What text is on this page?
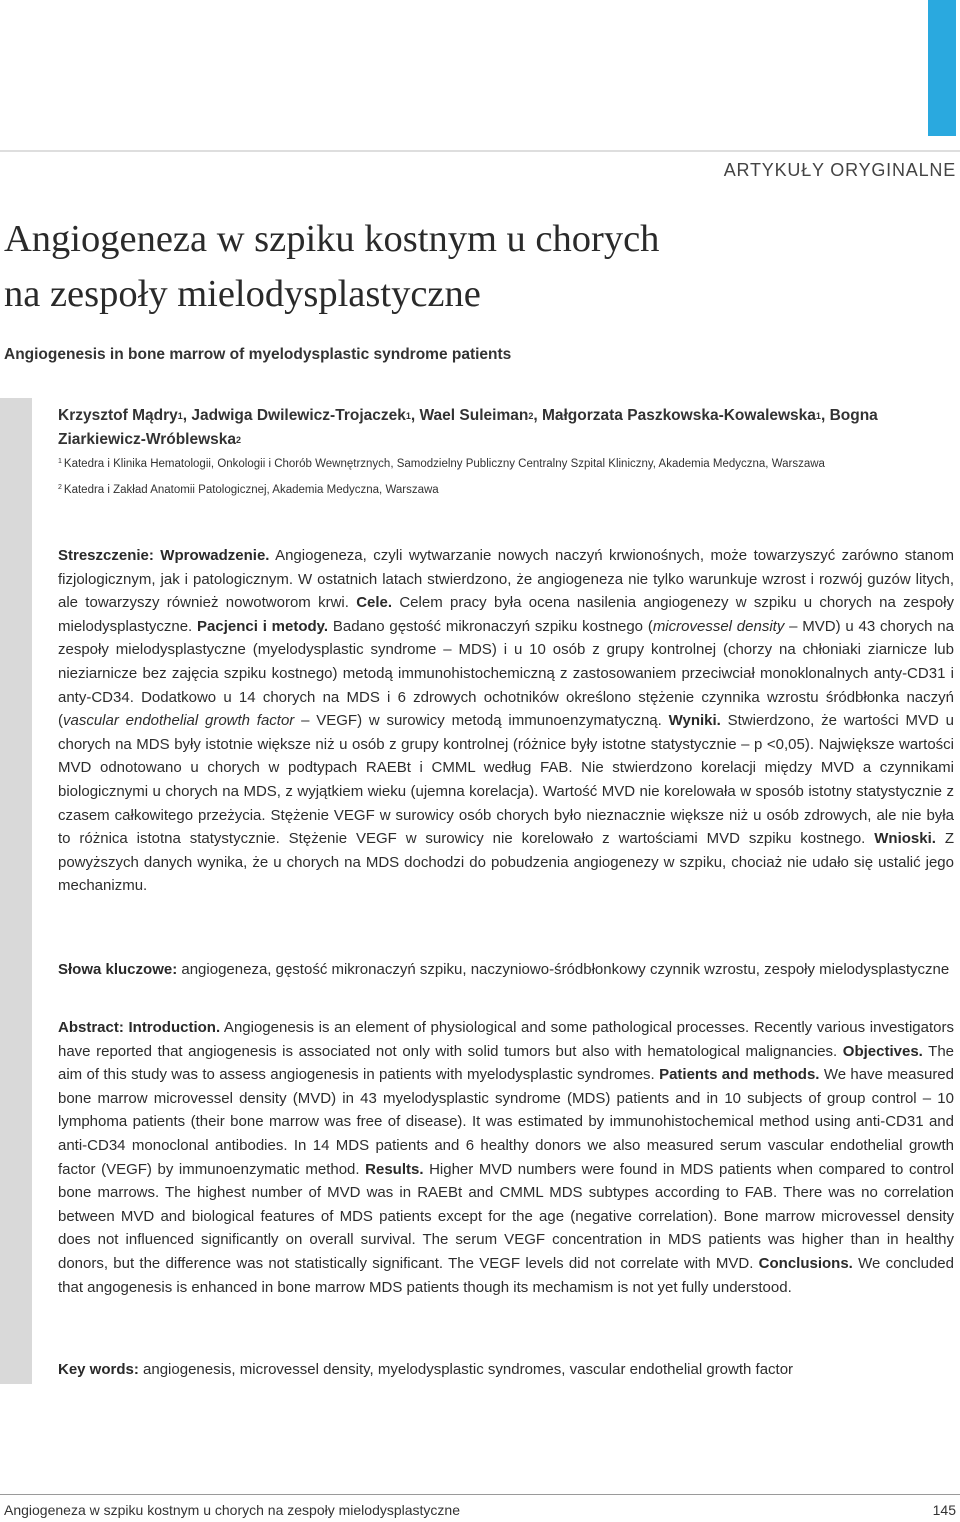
ARTYKUŁY ORYGINALNE
Angiogeneza w szpiku kostnym u chorych
na zespoły mielodysplastyczne
Angiogenesis in bone marrow of myelodysplastic syndrome patients

Krzysztof Mądry$^1$, Jadwiga Dwilewicz-Trojaczek$^1$, Wael Suleiman$^2$, Małgorzata Paszkowska-Kowalewska$^1$, Bogna Ziarkiewicz-Wróblewska$^2$

$^1$ Katedra i Klinika Hematologii, Onkologii i Chorób Wewnętrznych, Samodzielny Publiczny Centralny Szpital Kliniczny, Akademia Medyczna, Warszawa

$^2$ Katedra i Zakład Anatomii Patologicznej, Akademia Medyczna, Warszawa

Streszczenie: Wprowadzenie. Angiogeneza, czyli wytwarzanie nowych naczyń krwionośnych, może towarzyszyć zarówno stanom fizjologicznym, jak i patologicznym. W ostatnich latach stwierdzono, że angiogeneza nie tylko warunkuje wzrost i rozwój guzów litych, ale towarzyszy również nowotworom krwi. Cele. Celem pracy była ocena nasilenia angiogenezy w szpiku u chorych na zespoły mielodysplastyczne. Pacjenci i metody. Badano gęstość mikronaczyń szpiku kostnego (microvessel density – MVD) u 43 chorych na zespoły mielodysplastyczne (myelodysplastic syndrome – MDS) i u 10 osób z grupy kontrolnej (chorzy na chłoniaki ziarnicze lub nieziarnicze bez zajęcia szpiku kostnego) metodą immunohistochemiczną z zastosowaniem przeciwciał monoklonalnych anty-CD31 i anty-CD34. Dodatkowo u 14 chorych na MDS i 6 zdrowych ochotników określono stężenie czynnika wzrostu śródbłonka naczyń (vascular endothelial growth factor – VEGF) w surowicy metodą immunoenzymatyczną. Wyniki. Stwierdzono, że wartości MVD u chorych na MDS były istotnie większe niż u osób z grupy kontrolnej (różnice były istotne statystycznie – p <0,05). Największe wartości MVD odnotowano u chorych w podtypach RAEBt i CMML według FAB. Nie stwierdzono korelacji między MVD a czynnikami biologicznymi u chorych na MDS, z wyjątkiem wieku (ujemna korelacja). Wartość MVD nie korelowała w sposób istotny statystycznie z czasem całkowitego przeżycia. Stężenie VEGF w surowicy osób chorych było nieznacznie większe niż u osób zdrowych, ale nie była to różnica istotna statystycznie. Stężenie VEGF w surowicy nie korelowało z wartościami MVD szpiku kostnego. Wnioski. Z powyższych danych wynika, że u chorych na MDS dochodzi do pobudzenia angiogenezy w szpiku, chociaż nie udało się ustalić jego mechanizmu.

Słowa kluczowe: angiogeneza, gęstość mikronaczyń szpiku, naczyniowo-śródbłonkowy czynnik wzrostu, zespoły mielodysplastyczne

Abstract: Introduction. Angiogenesis is an element of physiological and some pathological processes. Recently various investigators have reported that angiogenesis is associated not only with solid tumors but also with hematological malignancies. Objectives. The aim of this study was to assess angiogenesis in patients with myelodysplastic syndromes. Patients and methods. We have measured bone marrow microvessel density (MVD) in 43 myelodysplastic syndrome (MDS) patients and in 10 subjects of group control – 10 lymphoma patients (their bone marrow was free of disease). It was estimated by immunohistochemical method using anti-CD31 and anti-CD34 monoclonal antibodies. In 14 MDS patients and 6 healthy donors we also measured serum vascular endothelial growth factor (VEGF) by immunoenzymatic method. Results. Higher MVD numbers were found in MDS patients when compared to control bone marrows. The highest number of MVD was in RAEBt and CMML MDS subtypes according to FAB. There was no correlation between MVD and biological features of MDS patients except for the age (negative correlation). Bone marrow microvessel density does not influenced significantly on overall survival. The serum VEGF concentration in MDS patients was higher than in healthy donors, but the difference was not statistically significant. The VEGF levels did not correlate with MVD. Conclusions. We concluded that angogenesis is enhanced in bone marrow MDS patients though its mechamism is not yet fully understood.

Key words: angiogenesis, microvessel density, myelodysplastic syndromes, vascular endothelial growth factor

Angiogeneza w szpiku kostnym u chorych na zespoły mielodysplastyczne	145
